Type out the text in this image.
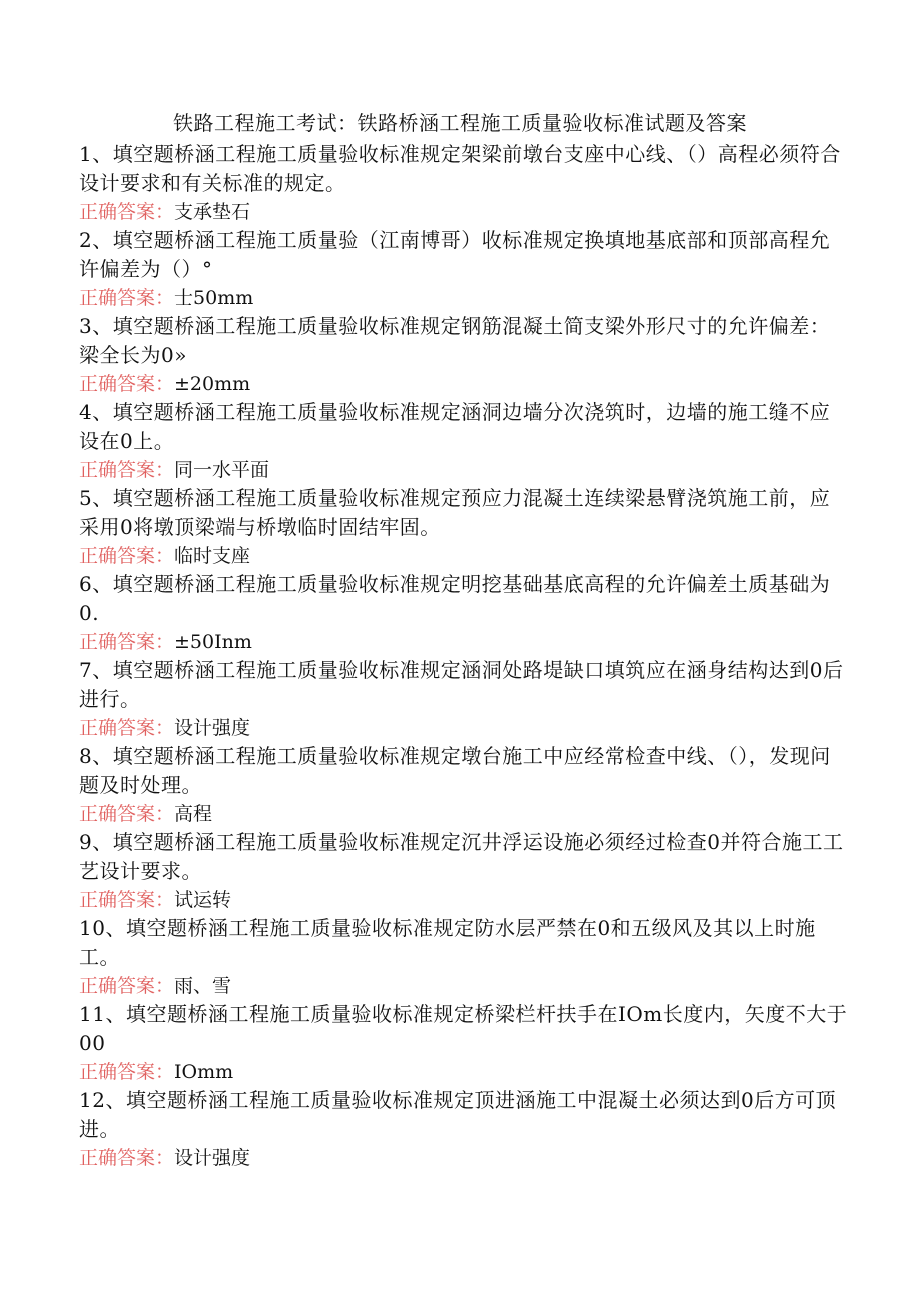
铁路工程施工考试：铁路桥涵工程施工质量验收标准试题及答案
1、填空题桥涵工程施工质量验收标准规定架梁前墩台支座中心线、（）高程必须符合设计要求和有关标准的规定。
正确答案：支承垫石
2、填空题桥涵工程施工质量验（江南博哥）收标准规定换填地基底部和顶部高程允许偏差为（）°
正确答案：士50mm
3、填空题桥涵工程施工质量验收标准规定钢筋混凝土简支梁外形尺寸的允许偏差：梁全长为0»
正确答案：±20mm
4、填空题桥涵工程施工质量验收标准规定涵洞边墙分次浇筑时，边墙的施工缝不应设在0上。
正确答案：同一水平面
5、填空题桥涵工程施工质量验收标准规定预应力混凝土连续梁悬臂浇筑施工前，应采用0将墩顶梁端与桥墩临时固结牢固。
正确答案：临时支座
6、填空题桥涵工程施工质量验收标准规定明挖基础基底高程的允许偏差土质基础为0.
正确答案：±50Inm
7、填空题桥涵工程施工质量验收标准规定涵洞处路堤缺口填筑应在涵身结构达到0后进行。
正确答案：设计强度
8、填空题桥涵工程施工质量验收标准规定墩台施工中应经常检查中线、（），发现问题及时处理。
正确答案：高程
9、填空题桥涵工程施工质量验收标准规定沉井浮运设施必须经过检查0并符合施工工艺设计要求。
正确答案：试运转
10、填空题桥涵工程施工质量验收标准规定防水层严禁在0和五级风及其以上时施工。
正确答案：雨、雪
11、填空题桥涵工程施工质量验收标准规定桥梁栏杆扶手在IOm长度内，矢度不大于00
正确答案：IOmm
12、填空题桥涵工程施工质量验收标准规定顶进涵施工中混凝土必须达到0后方可顶进。
正确答案：设计强度
